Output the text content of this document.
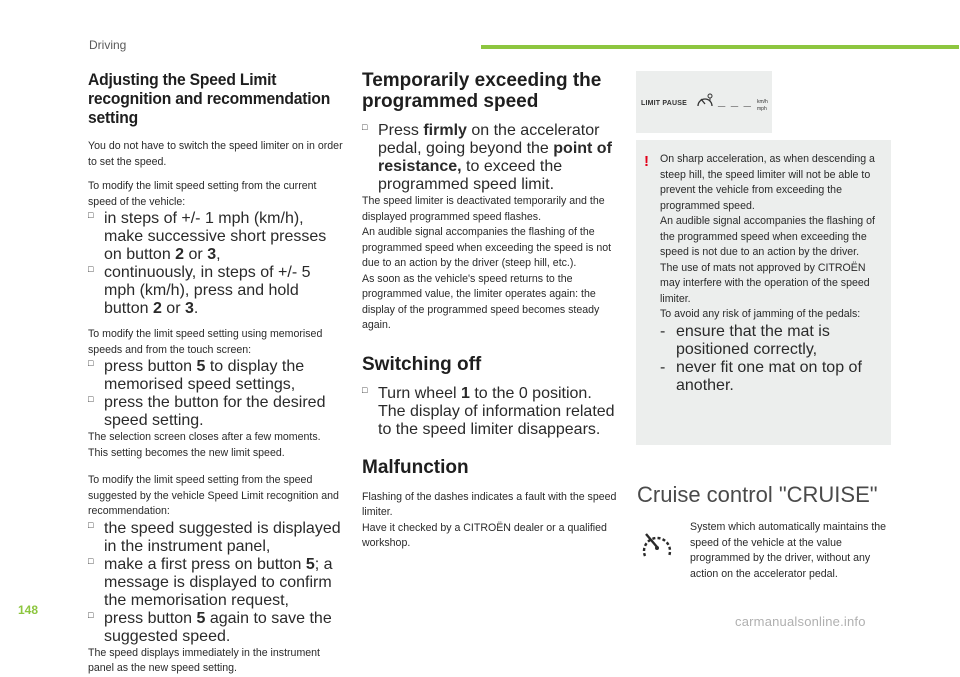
Driving
Adjusting the Speed Limit recognition and recommendation setting

You do not have to switch the speed limiter on in order to set the speed.

To modify the limit speed setting from the current speed of the vehicle:

□ in steps of +/- 1 mph (km/h), make successive short presses on button 2 or 3,
□ continuously, in steps of +/- 5 mph (km/h), press and hold button 2 or 3.

To modify the limit speed setting using memorised speeds and from the touch screen:

□ press button 5 to display the memorised speed settings,
□ press the button for the desired speed setting.

The selection screen closes after a few moments.

This setting becomes the new limit speed.

To modify the limit speed setting from the speed suggested by the vehicle Speed Limit recognition and recommendation:

□ the speed suggested is displayed in the instrument panel,
□ make a first press on button 5; a message is displayed to confirm the memorisation request,
□ press button 5 again to save the suggested speed.

The speed displays immediately in the instrument panel as the new speed setting.

Temporarily exceeding the programmed speed
□ Press firmly on the accelerator pedal, going beyond the point of resistance, to exceed the programmed speed limit.

The speed limiter is deactivated temporarily and the displayed programmed speed flashes.

An audible signal accompanies the flashing of the programmed speed when exceeding the speed is not due to an action by the driver (steep hill, etc.).

As soon as the vehicle's speed returns to the programmed value, the limiter operates again: the display of the programmed speed becomes steady again.

Switching off
□ Turn wheel 1 to the 0 position. The display of information related to the speed limiter disappears.
Malfunction

Flashing of the dashes indicates a fault with the speed limiter.

Have it checked by a CITROËN dealer or a qualified workshop.

LIMIT PAUSE _ _ _ km/h
mph
! On sharp acceleration, as when descending a steep hill, the speed limiter will not be able to prevent the vehicle from exceeding the programmed speed.

An audible signal accompanies the flashing of the programmed speed when exceeding the speed is not due to an action by the driver.

The use of mats not approved by CITROËN may interfere with the operation of the speed limiter.

To avoid any risk of jamming of the pedals:

- ensure that the mat is positioned correctly,
- never fit one mat on top of another.
Cruise control "CRUISE"
System which automatically maintains the speed of the vehicle at the value programmed by the driver, without any action on the accelerator pedal.
148
carmanualsonline.info
